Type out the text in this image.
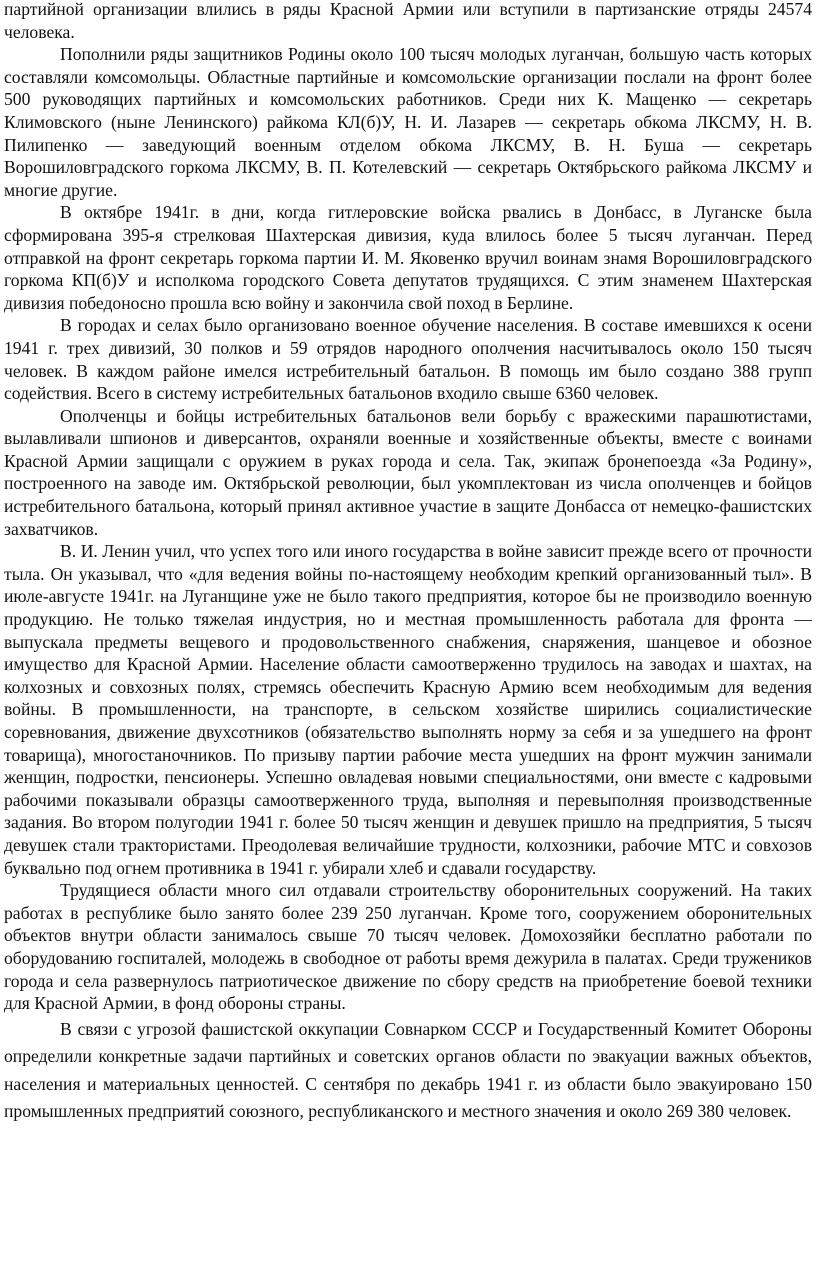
партийной организации влились в ряды Красной Армии или вступили в партизанские отряды 24574 человека.

Пополнили ряды защитников Родины около 100 тысяч молодых луганчан, большую часть которых составляли комсомольцы. Областные партийные и комсомольские организации послали на фронт более 500 руководящих партийных и комсомольских работников. Среди них К. Мащенко — секретарь Климовского (ныне Ленинского) райкома КЛ(б)У, Н. И. Лазарев — секретарь обкома ЛКСМУ, Н. В. Пилипенко — заведующий военным отделом обкома ЛКСМУ, В. Н. Буша — секретарь Ворошиловградского горкома ЛКСМУ, В. П. Котелевский — секретарь Октябрьского райкома ЛКСМУ и многие другие.

В октябре 1941г. в дни, когда гитлеровские войска рвались в Донбасс, в Луганске была сформирована 395-я стрелковая Шахтерская дивизия, куда влилось более 5 тысяч луганчан. Перед отправкой на фронт секретарь горкома партии И. М. Яковенко вручил воинам знамя Ворошиловградского горкома КП(б)У и исполкома городского Совета депутатов трудящихся. С этим знаменем Шахтерская дивизия победоносно прошла всю войну и закончила свой поход в Берлине.

В городах и селах было организовано военное обучение населения. В составе имевшихся к осени 1941 г. трех дивизий, 30 полков и 59 отрядов народного ополчения насчитывалось около 150 тысяч человек. В каждом районе имелся истребительный батальон. В помощь им было создано 388 групп содействия. Всего в систему истребительных батальонов входило свыше 6360 человек.

Ополченцы и бойцы истребительных батальонов вели борьбу с вражескими парашютистами, вылавливали шпионов и диверсантов, охраняли военные и хозяйственные объекты, вместе с воинами Красной Армии защищали с оружием в руках города и села. Так, экипаж бронепоезда «За Родину», построенного на заводе им. Октябрьской революции, был укомплектован из числа ополченцев и бойцов истребительного батальона, который принял активное участие в защите Донбасса от немецко-фашистских захватчиков.

В. И. Ленин учил, что успех того или иного государства в войне зависит прежде всего от прочности тыла. Он указывал, что «для ведения войны по-настоящему необходим крепкий организованный тыл». В июле-августе 1941г. на Луганщине уже не было такого предприятия, которое бы не производило военную продукцию. Не только тяжелая индустрия, но и местная промышленность работала для фронта — выпускала предметы вещевого и продовольственного снабжения, снаряжения, шанцевое и обозное имущество для Красной Армии. Население области самоотверженно трудилось на заводах и шахтах, на колхозных и совхозных полях, стремясь обеспечить Красную Армию всем необходимым для ведения войны. В промышленности, на транспорте, в сельском хозяйстве ширились социалистические соревнования, движение двухсотников (обязательство выполнять норму за себя и за ушедшего на фронт товарища), многостаночников. По призыву партии рабочие места ушедших на фронт мужчин занимали женщин, подростки, пенсионеры. Успешно овладевая новыми специальностями, они вместе с кадровыми рабочими показывали образцы самоотверженного труда, выполняя и перевыполняя производственные задания. Во втором полугодии 1941 г. более 50 тысяч женщин и девушек пришло на предприятия, 5 тысяч девушек стали трактористами. Преодолевая величайшие трудности, колхозники, рабочие МТС и совхозов буквально под огнем противника в 1941 г. убирали хлеб и сдавали государству.

Трудящиеся области много сил отдавали строительству оборонительных сооружений. На таких работах в республике было занято более 239 250 луганчан. Кроме того, сооружением оборонительных объектов внутри области занималось свыше 70 тысяч человек. Домохозяйки бесплатно работали по оборудованию госпиталей, молодежь в свободное от работы время дежурила в палатах. Среди тружеников города и села развернулось патриотическое движение по сбору средств на приобретение боевой техники для Красной Армии, в фонд обороны страны.

В связи с угрозой фашистской оккупации Совнарком СССР и Государственный Комитет Обороны определили конкретные задачи партийных и советских органов области по эвакуации важных объектов, населения и материальных ценностей. С сентября по декабрь 1941 г. из области было эвакуировано 150 промышленных предприятий союзного, республиканского и местного значения и около 269 380 человек.
